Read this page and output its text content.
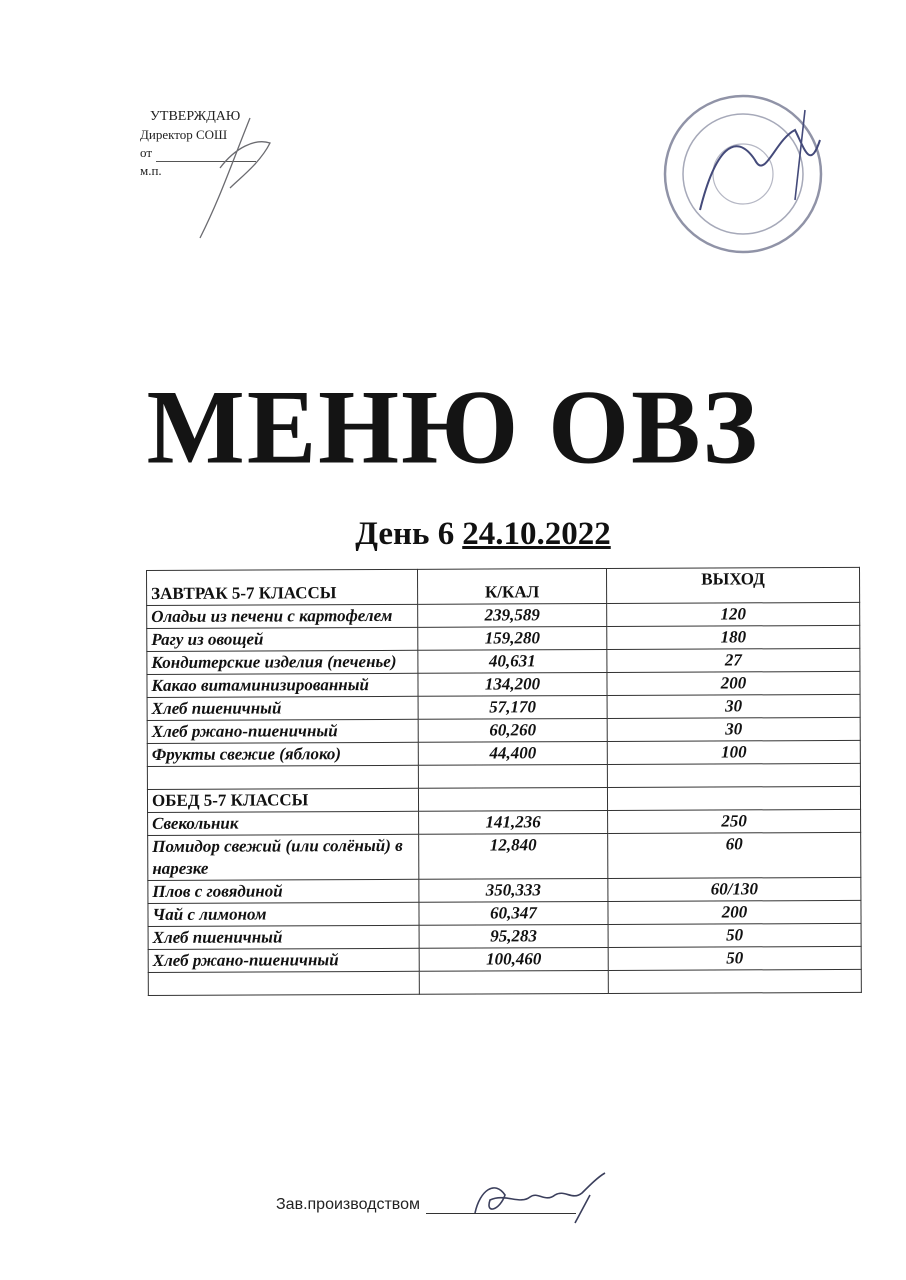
УТВЕРЖДАЮ
Директор СОШ
от
м.п.
МЕНЮ ОВЗ
День 6 24.10.2022
ЗАВТРАК 5-7 КЛАССЫ	К/КАЛ	ВЫХОД
Оладьи из печени с картофелем	239,589	120
Рагу из овощей	159,280	180
Кондитерские изделия (печенье)	40,631	27
Какао витаминизированный	134,200	200
Хлеб пшеничный	57,170	30
Хлеб ржано-пшеничный	60,260	30
Фрукты свежие (яблоко)	44,400	100

ОБЕД 5-7 КЛАССЫ		
Свекольник	141,236	250
Помидор свежий (или солёный) в нарезке	12,840	60
Плов с говядиной	350,333	60/130
Чай с лимоном	60,347	200
Хлеб пшеничный	95,283	50
Хлеб ржано-пшеничный	100,460	50

Зав.производством
